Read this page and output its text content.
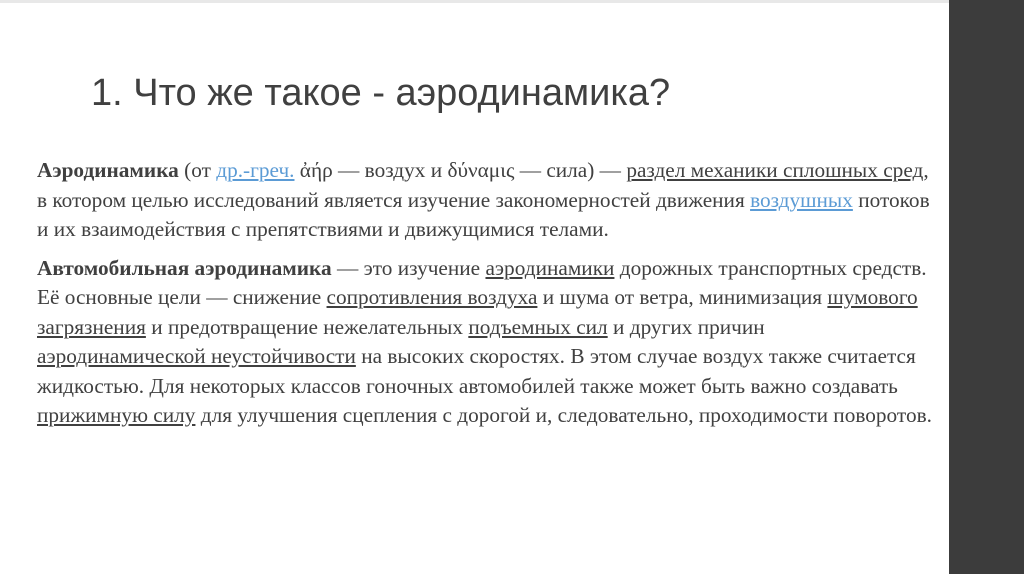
1. Что же такое - аэродинамика?

Аэродинамика (от др.-греч. ἀήρ — воздух и δύναμις — сила) — раздел механики сплошных сред, в котором целью исследований является изучение закономерностей движения воздушных потоков и их взаимодействия с препятствиями и движущимися телами.

Автомобильная аэродинамика — это изучение аэродинамики дорожных транспортных средств. Её основные цели — снижение сопротивления воздуха и шума от ветра, минимизация шумового загрязнения и предотвращение нежелательных подъемных сил и других причин аэродинамической неустойчивости на высоких скоростях. В этом случае воздух также считается жидкостью. Для некоторых классов гоночных автомобилей также может быть важно создавать прижимную силу для улучшения сцепления с дорогой и, следовательно, проходимости поворотов.
